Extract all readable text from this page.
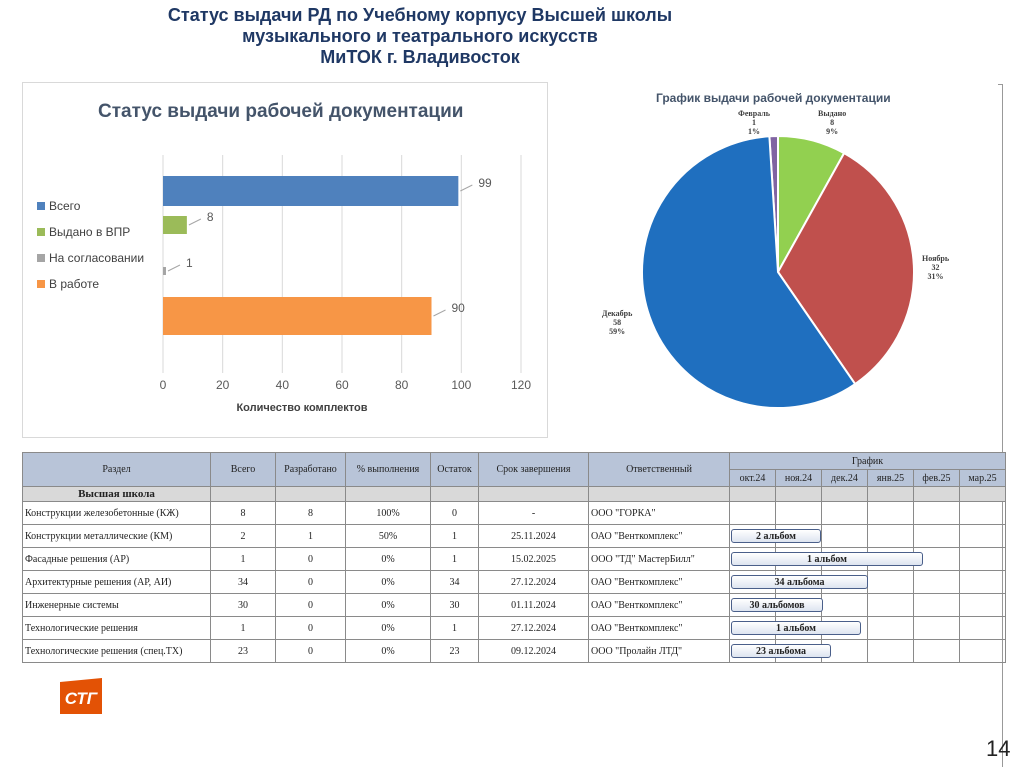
Статус выдачи РД по Учебному корпусу Высшей школы
музыкального и театрального искусств
МиТОК г. Владивосток
Статус выдачи рабочей документации
Всего
Выдано в ВПР
На согласовании
В работе
0	20	40	60	80	100	120
99
8
1
90
Количество комплектов
График выдачи рабочей документации
Февраль
1
1%
Выдано
8
9%
Ноябрь
32
31%
Декабрь
58
59%
Раздел	Всего	Разработано	% выполнения	Остаток	Срок завершения	Ответственный	График					
							окт.24	ноя.24	дек.24	янв.25	фев.25	мар.25
Высшая школа												
Конструкции железобетонные (КЖ)	8	8	100%	0	-	ООО "ГОРКА"						
Конструкции металлические (КМ)	2	1	50%	1	25.11.2024	ОАО "Венткомплекс"	2 альбом					

Фасадные решения (АР)	1	0	0%	1	15.02.2025	ООО "ТД" МастерБилл"	1 альбом					

Архитектурные решения (АР, АИ)	34	0	0%	34	27.12.2024	ОАО "Венткомплекс"	34 альбома					

Инженерные системы	30	0	0%	30	01.11.2024	ОАО "Венткомплекс"	30 альбомов					

Технологические решения	1	0	0%	1	27.12.2024	ОАО "Венткомплекс"	1 альбом					

Технологические решения (спец.ТХ)	23	0	0%	23	09.12.2024	ООО "Пролайн ЛТД"	23 альбома					

СТГ
14
